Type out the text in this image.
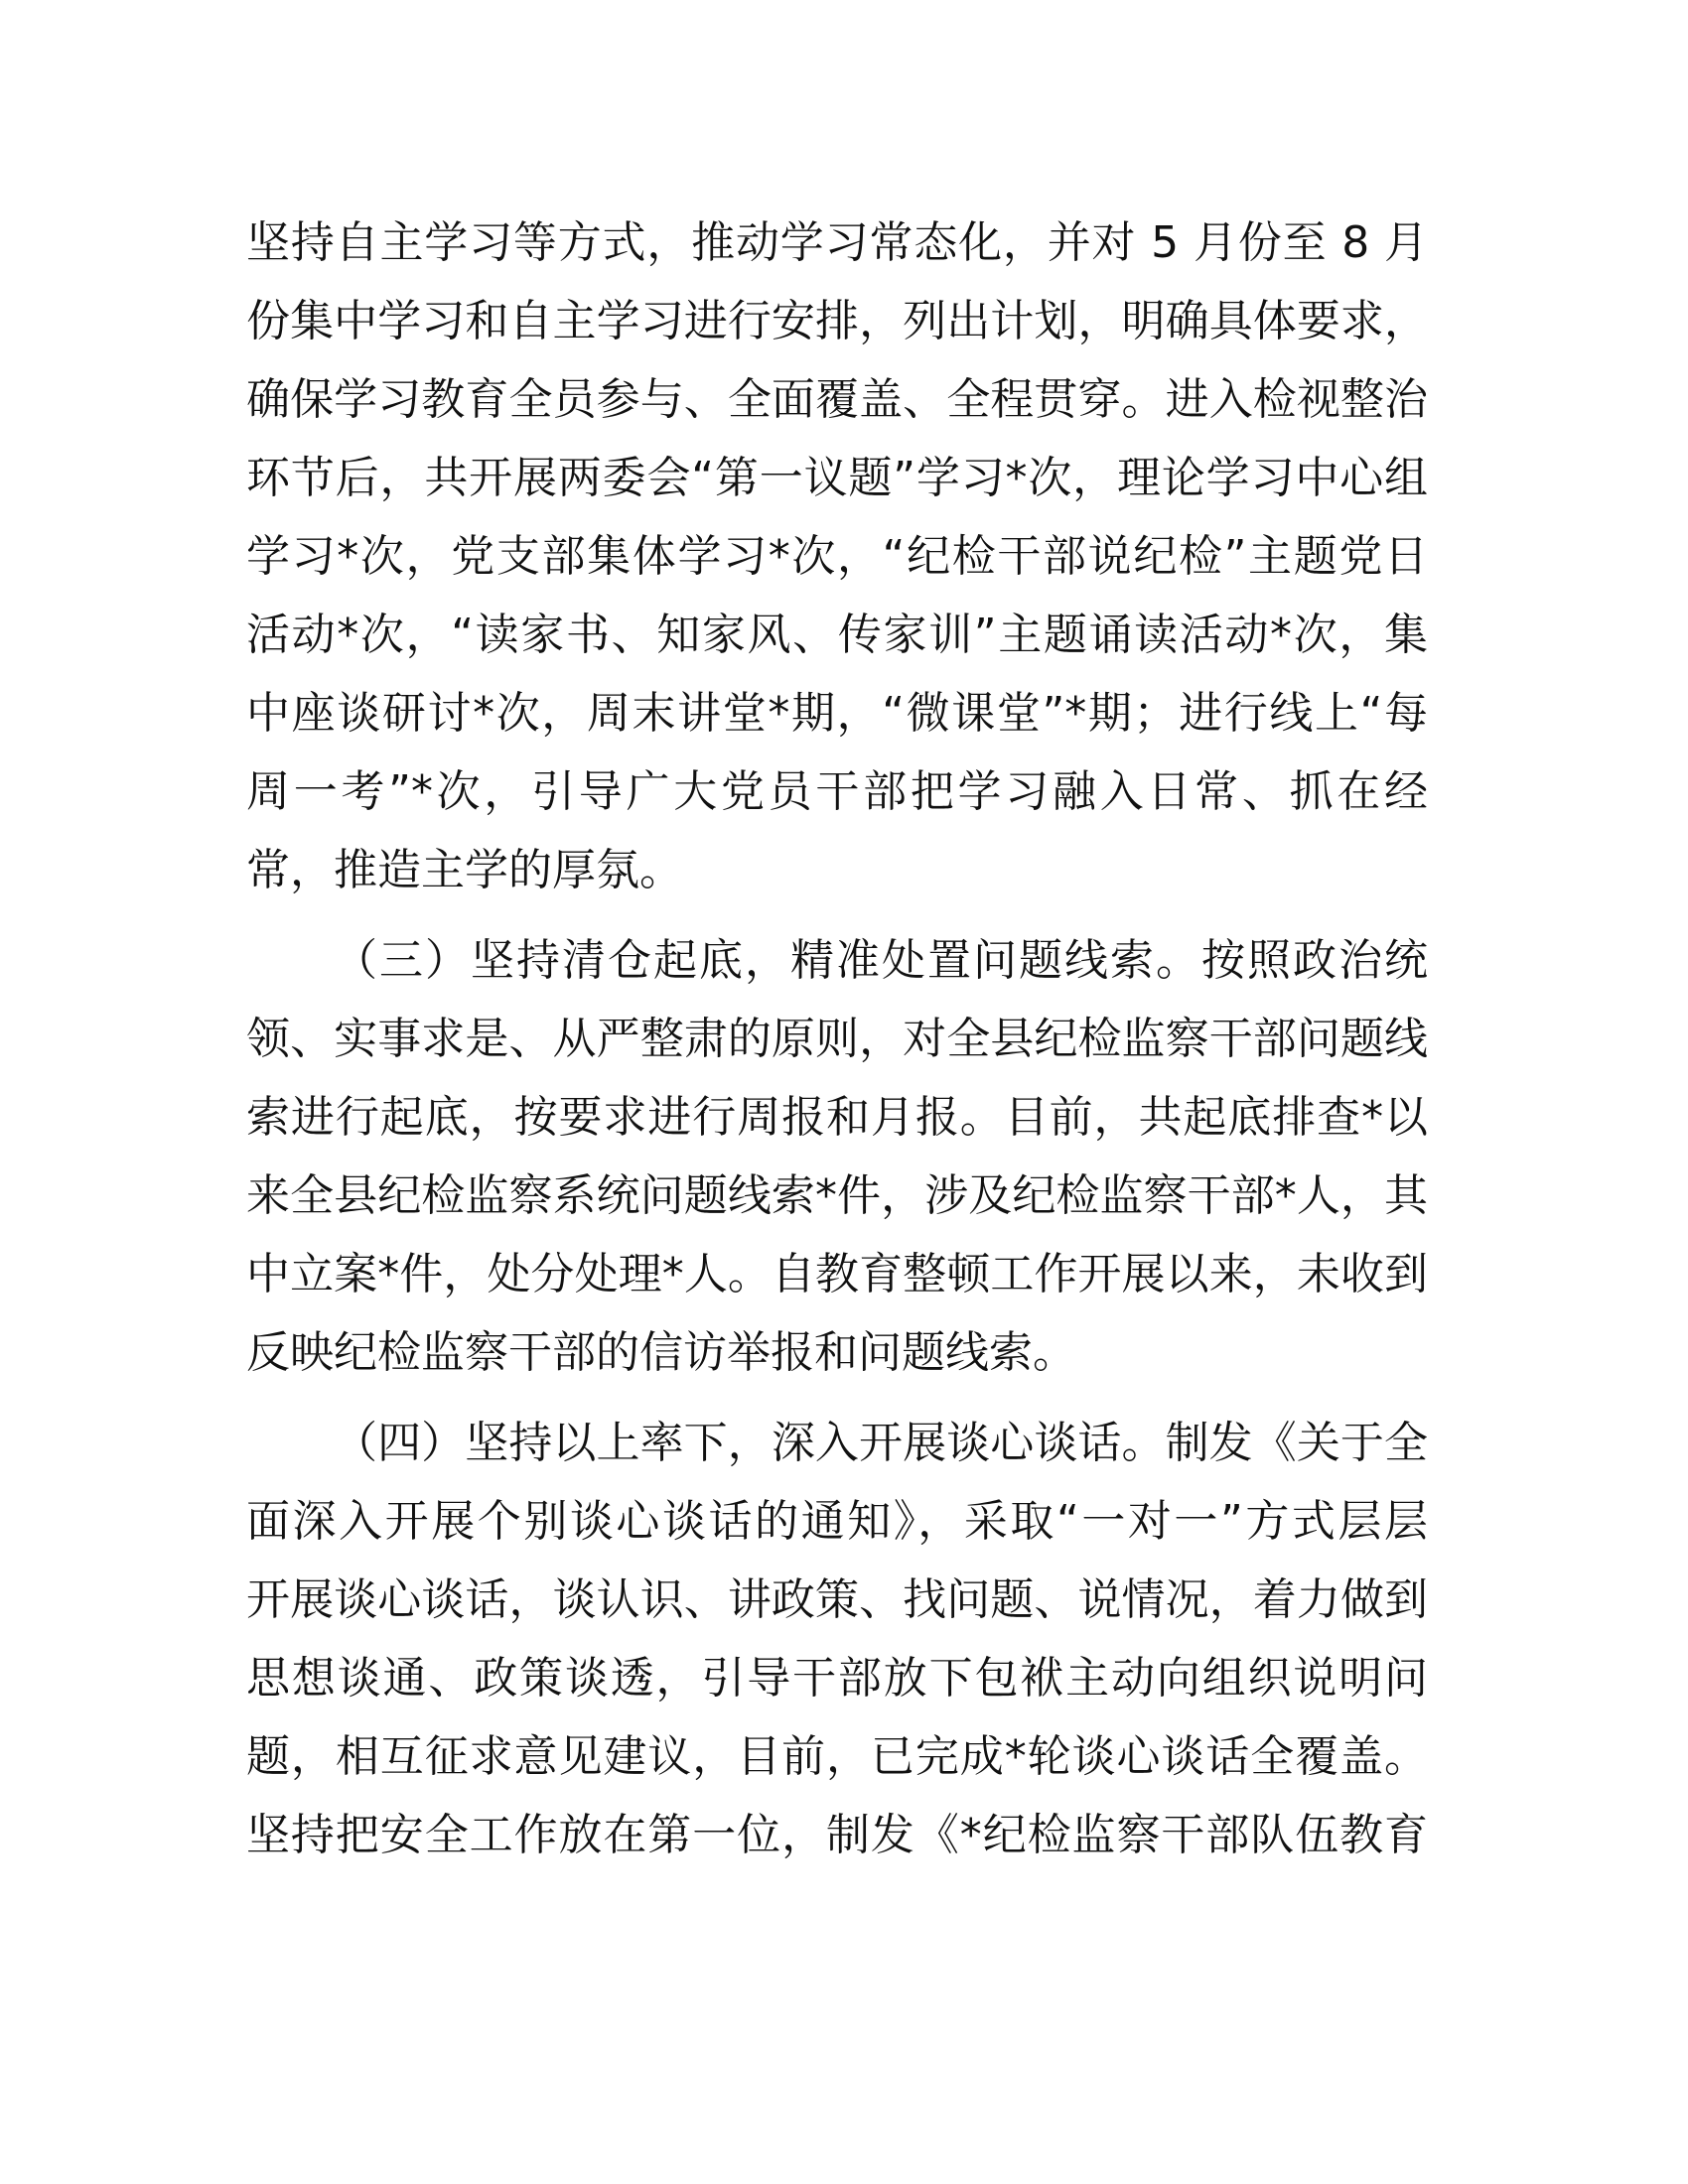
坚持自主学习等方式，推动学习常态化，并对 5 月份至 8 月
份集中学习和自主学习进行安排，列出计划，明确具体要求，
确保学习教育全员参与、全面覆盖、全程贯穿。进入检视整治
环节后，共开展两委会“第一议题”学习*次，理论学习中心组
学习*次，党支部集体学习*次，“纪检干部说纪检”主题党日
活动*次，“读家书、知家风、传家训”主题诵读活动*次，集
中座谈研讨*次，周末讲堂*期，“微课堂”*期；进行线上“每
周一考”*次，引导广大党员干部把学习融入日常、抓在经
常，推造主学的厚氛。
（三）坚持清仓起底，精准处置问题线索。按照政治统
领、实事求是、从严整肃的原则，对全县纪检监察干部问题线
索进行起底，按要求进行周报和月报。目前，共起底排查*以
来全县纪检监察系统问题线索*件，涉及纪检监察干部*人，其
中立案*件，处分处理*人。自教育整顿工作开展以来，未收到
反映纪检监察干部的信访举报和问题线索。
（四）坚持以上率下，深入开展谈心谈话。制发《关于全
面深入开展个别谈心谈话的通知》，采取“一对一”方式层层
开展谈心谈话，谈认识、讲政策、找问题、说情况，着力做到
思想谈通、政策谈透，引导干部放下包袱主动向组织说明问
题，相互征求意见建议，目前，已完成*轮谈心谈话全覆盖。
坚持把安全工作放在第一位，制发《*纪检监察干部队伍教育
